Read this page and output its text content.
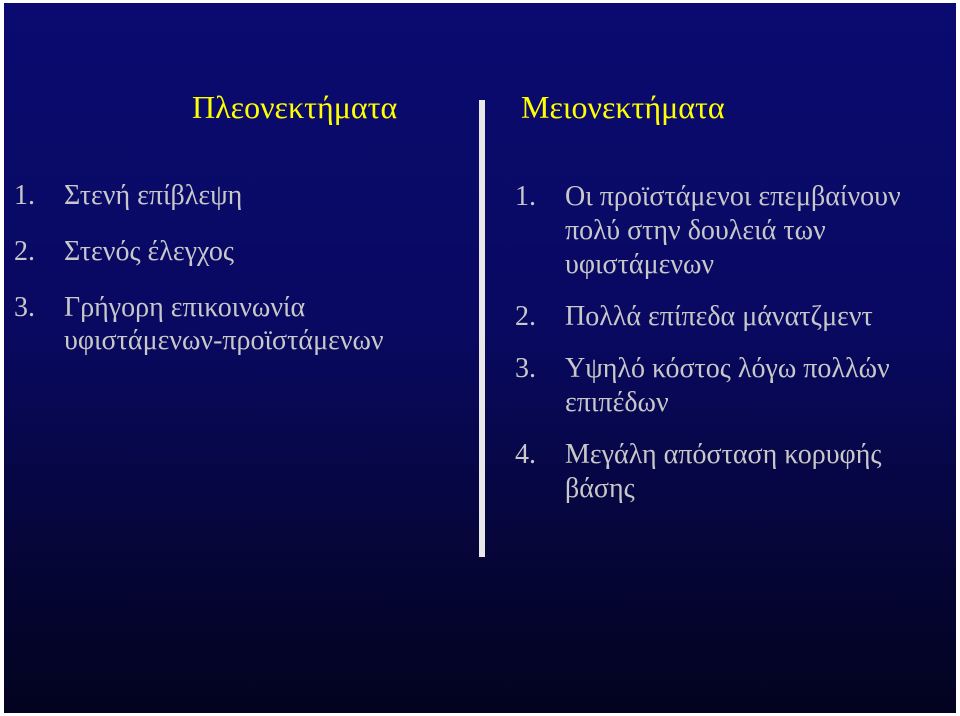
Πλεονεκτήματα	Μειονεκτήματα
1. Στενή επίβλεψη
2. Στενός έλεγχος
3. Γρήγορη επικοινωνία
υφιστάμενων-προϊστάμενων
1. Οι προϊστάμενοι επεμβαίνουν
πολύ στην δουλειά των
υφιστάμενων
2. Πολλά επίπεδα μάνατζμεντ
3. Υψηλό κόστος λόγω πολλών
επιπέδων
4. Μεγάλη απόσταση κορυφής
βάσης
